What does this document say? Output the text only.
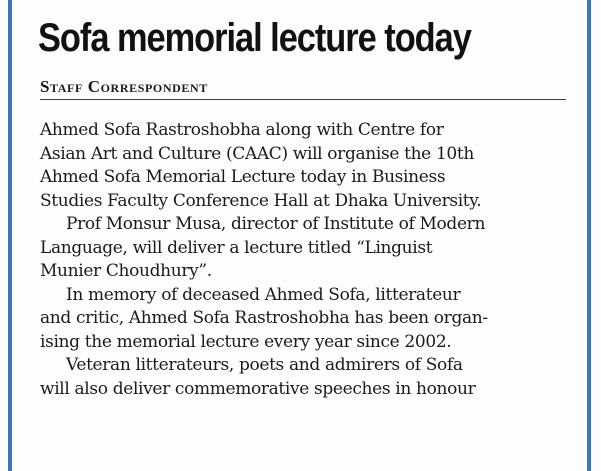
Sofa memorial lecture today
Staff Correspondent
Ahmed Sofa Rastroshobha along with Centre for
Asian Art and Culture (CAAC) will organise the 10th
Ahmed Sofa Memorial Lecture today in Business
Studies Faculty Conference Hall at Dhaka University.
Prof Monsur Musa, director of Institute of Modern
Language, will deliver a lecture titled “Linguist
Munier Choudhury”.
In memory of deceased Ahmed Sofa, litterateur
and critic, Ahmed Sofa Rastroshobha has been organ-
ising the memorial lecture every year since 2002.
Veteran litterateurs, poets and admirers of Sofa
will also deliver commemorative speeches in honour
